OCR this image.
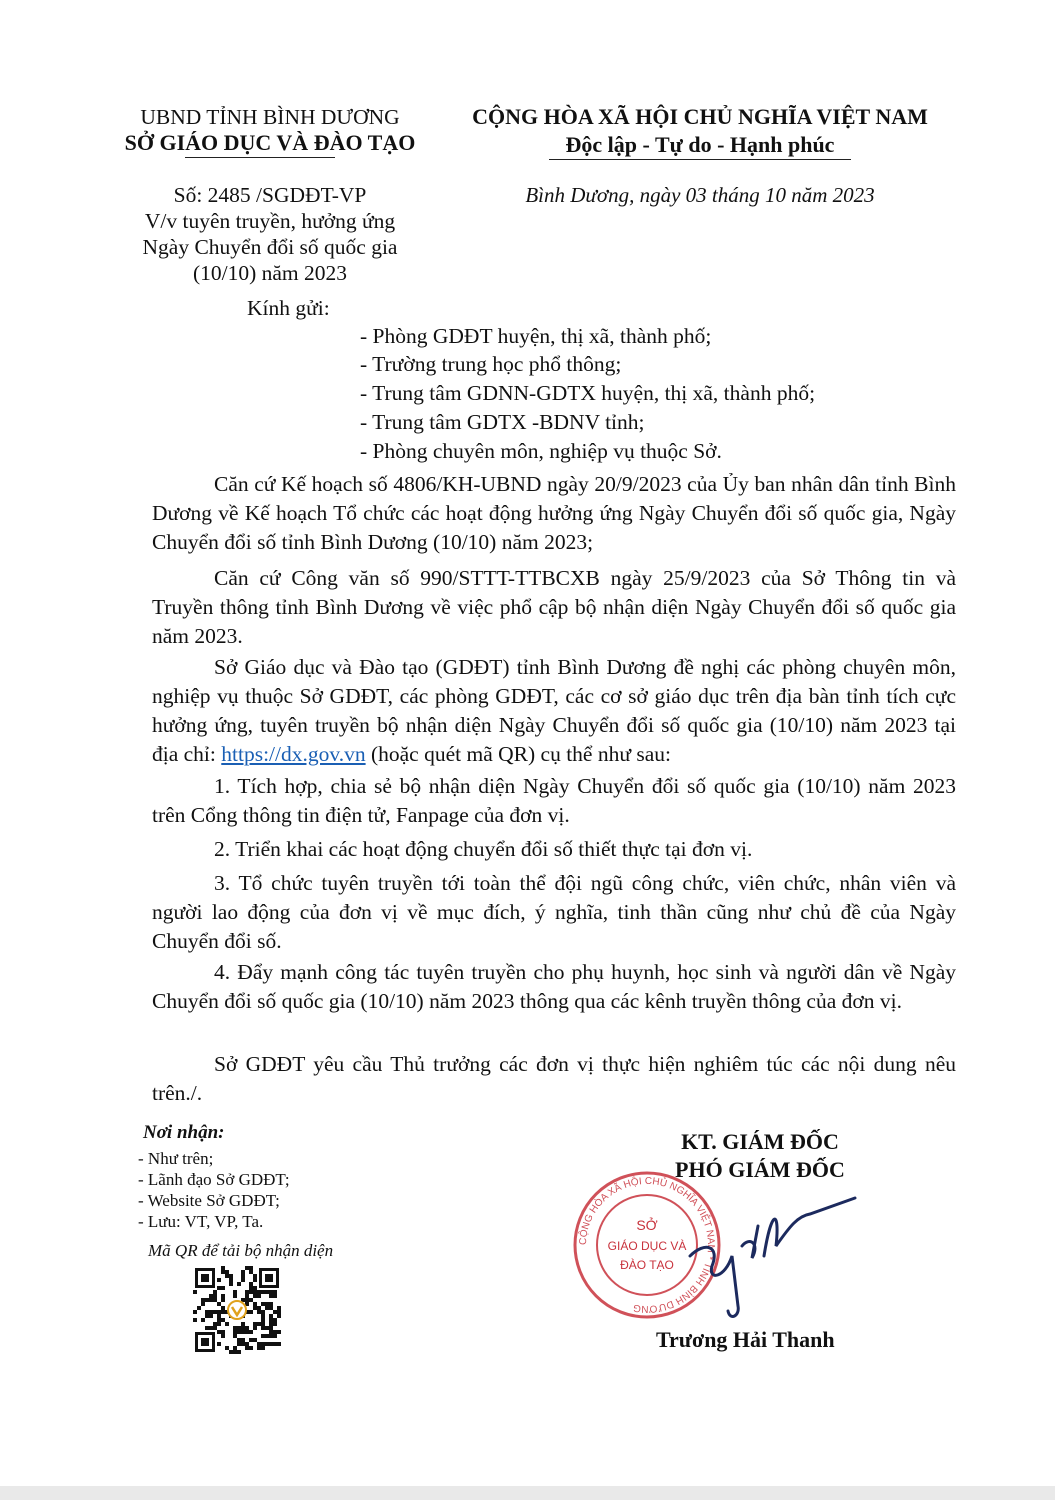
UBND TỈNH BÌNH DƯƠNG
SỞ GIÁO DỤC VÀ ĐÀO TẠO
Số: 2485 /SGDĐT-VP
V/v tuyên truyền, hưởng ứng
Ngày Chuyển đổi số quốc gia
(10/10) năm 2023
CỘNG HÒA XÃ HỘI CHỦ NGHĨA VIỆT NAM
Độc lập - Tự do - Hạnh phúc
Bình Dương, ngày 03 tháng 10 năm 2023
Kính gửi:
- Phòng GDĐT huyện, thị xã, thành phố;
- Trường trung học phổ thông;
- Trung tâm GDNN-GDTX huyện, thị xã, thành phố;
- Trung tâm GDTX -BDNV tỉnh;
- Phòng chuyên môn, nghiệp vụ thuộc Sở.
Căn cứ Kế hoạch số 4806/KH-UBND ngày 20/9/2023 của Ủy ban nhân dân tỉnh Bình Dương về Kế hoạch Tổ chức các hoạt động hưởng ứng Ngày Chuyển đổi số quốc gia, Ngày Chuyển đổi số tỉnh Bình Dương (10/10) năm 2023;
Căn cứ Công văn số 990/STTT-TTBCXB ngày 25/9/2023 của Sở Thông tin và Truyền thông tỉnh Bình Dương về việc phổ cập bộ nhận diện Ngày Chuyển đổi số quốc gia năm 2023.
Sở Giáo dục và Đào tạo (GDĐT) tỉnh Bình Dương đề nghị các phòng chuyên môn, nghiệp vụ thuộc Sở GDĐT, các phòng GDĐT, các cơ sở giáo dục trên địa bàn tỉnh tích cực hưởng ứng, tuyên truyền bộ nhận diện Ngày Chuyển đổi số quốc gia (10/10) năm 2023 tại địa chỉ: https://dx.gov.vn (hoặc quét mã QR) cụ thể như sau:
1. Tích hợp, chia sẻ bộ nhận diện Ngày Chuyển đổi số quốc gia (10/10) năm 2023 trên Cổng thông tin điện tử, Fanpage của đơn vị.
2. Triển khai các hoạt động chuyển đổi số thiết thực tại đơn vị.
3. Tổ chức tuyên truyền tới toàn thể đội ngũ công chức, viên chức, nhân viên và người lao động của đơn vị về mục đích, ý nghĩa, tinh thần cũng như chủ đề của Ngày Chuyển đổi số.
4. Đẩy mạnh công tác tuyên truyền cho phụ huynh, học sinh và người dân về Ngày Chuyển đổi số quốc gia (10/10) năm 2023 thông qua các kênh truyền thông của đơn vị.
Sở GDĐT yêu cầu Thủ trưởng các đơn vị thực hiện nghiêm túc các nội dung nêu trên./.
Nơi nhận:
- Như trên;
- Lãnh đạo Sở GDĐT;
- Website Sở GDĐT;
- Lưu: VT, VP, Ta.
Mã QR để tải bộ nhận diện
KT. GIÁM ĐỐC
PHÓ GIÁM ĐỐC
CỘNG HÒA XÃ HỘI CHỦ NGHĨA VIỆT NAM * TỈNH BÌNH DƯƠNG
SỞ
GIÁO DỤC VÀ
ĐÀO TẠO
Trương Hải Thanh
